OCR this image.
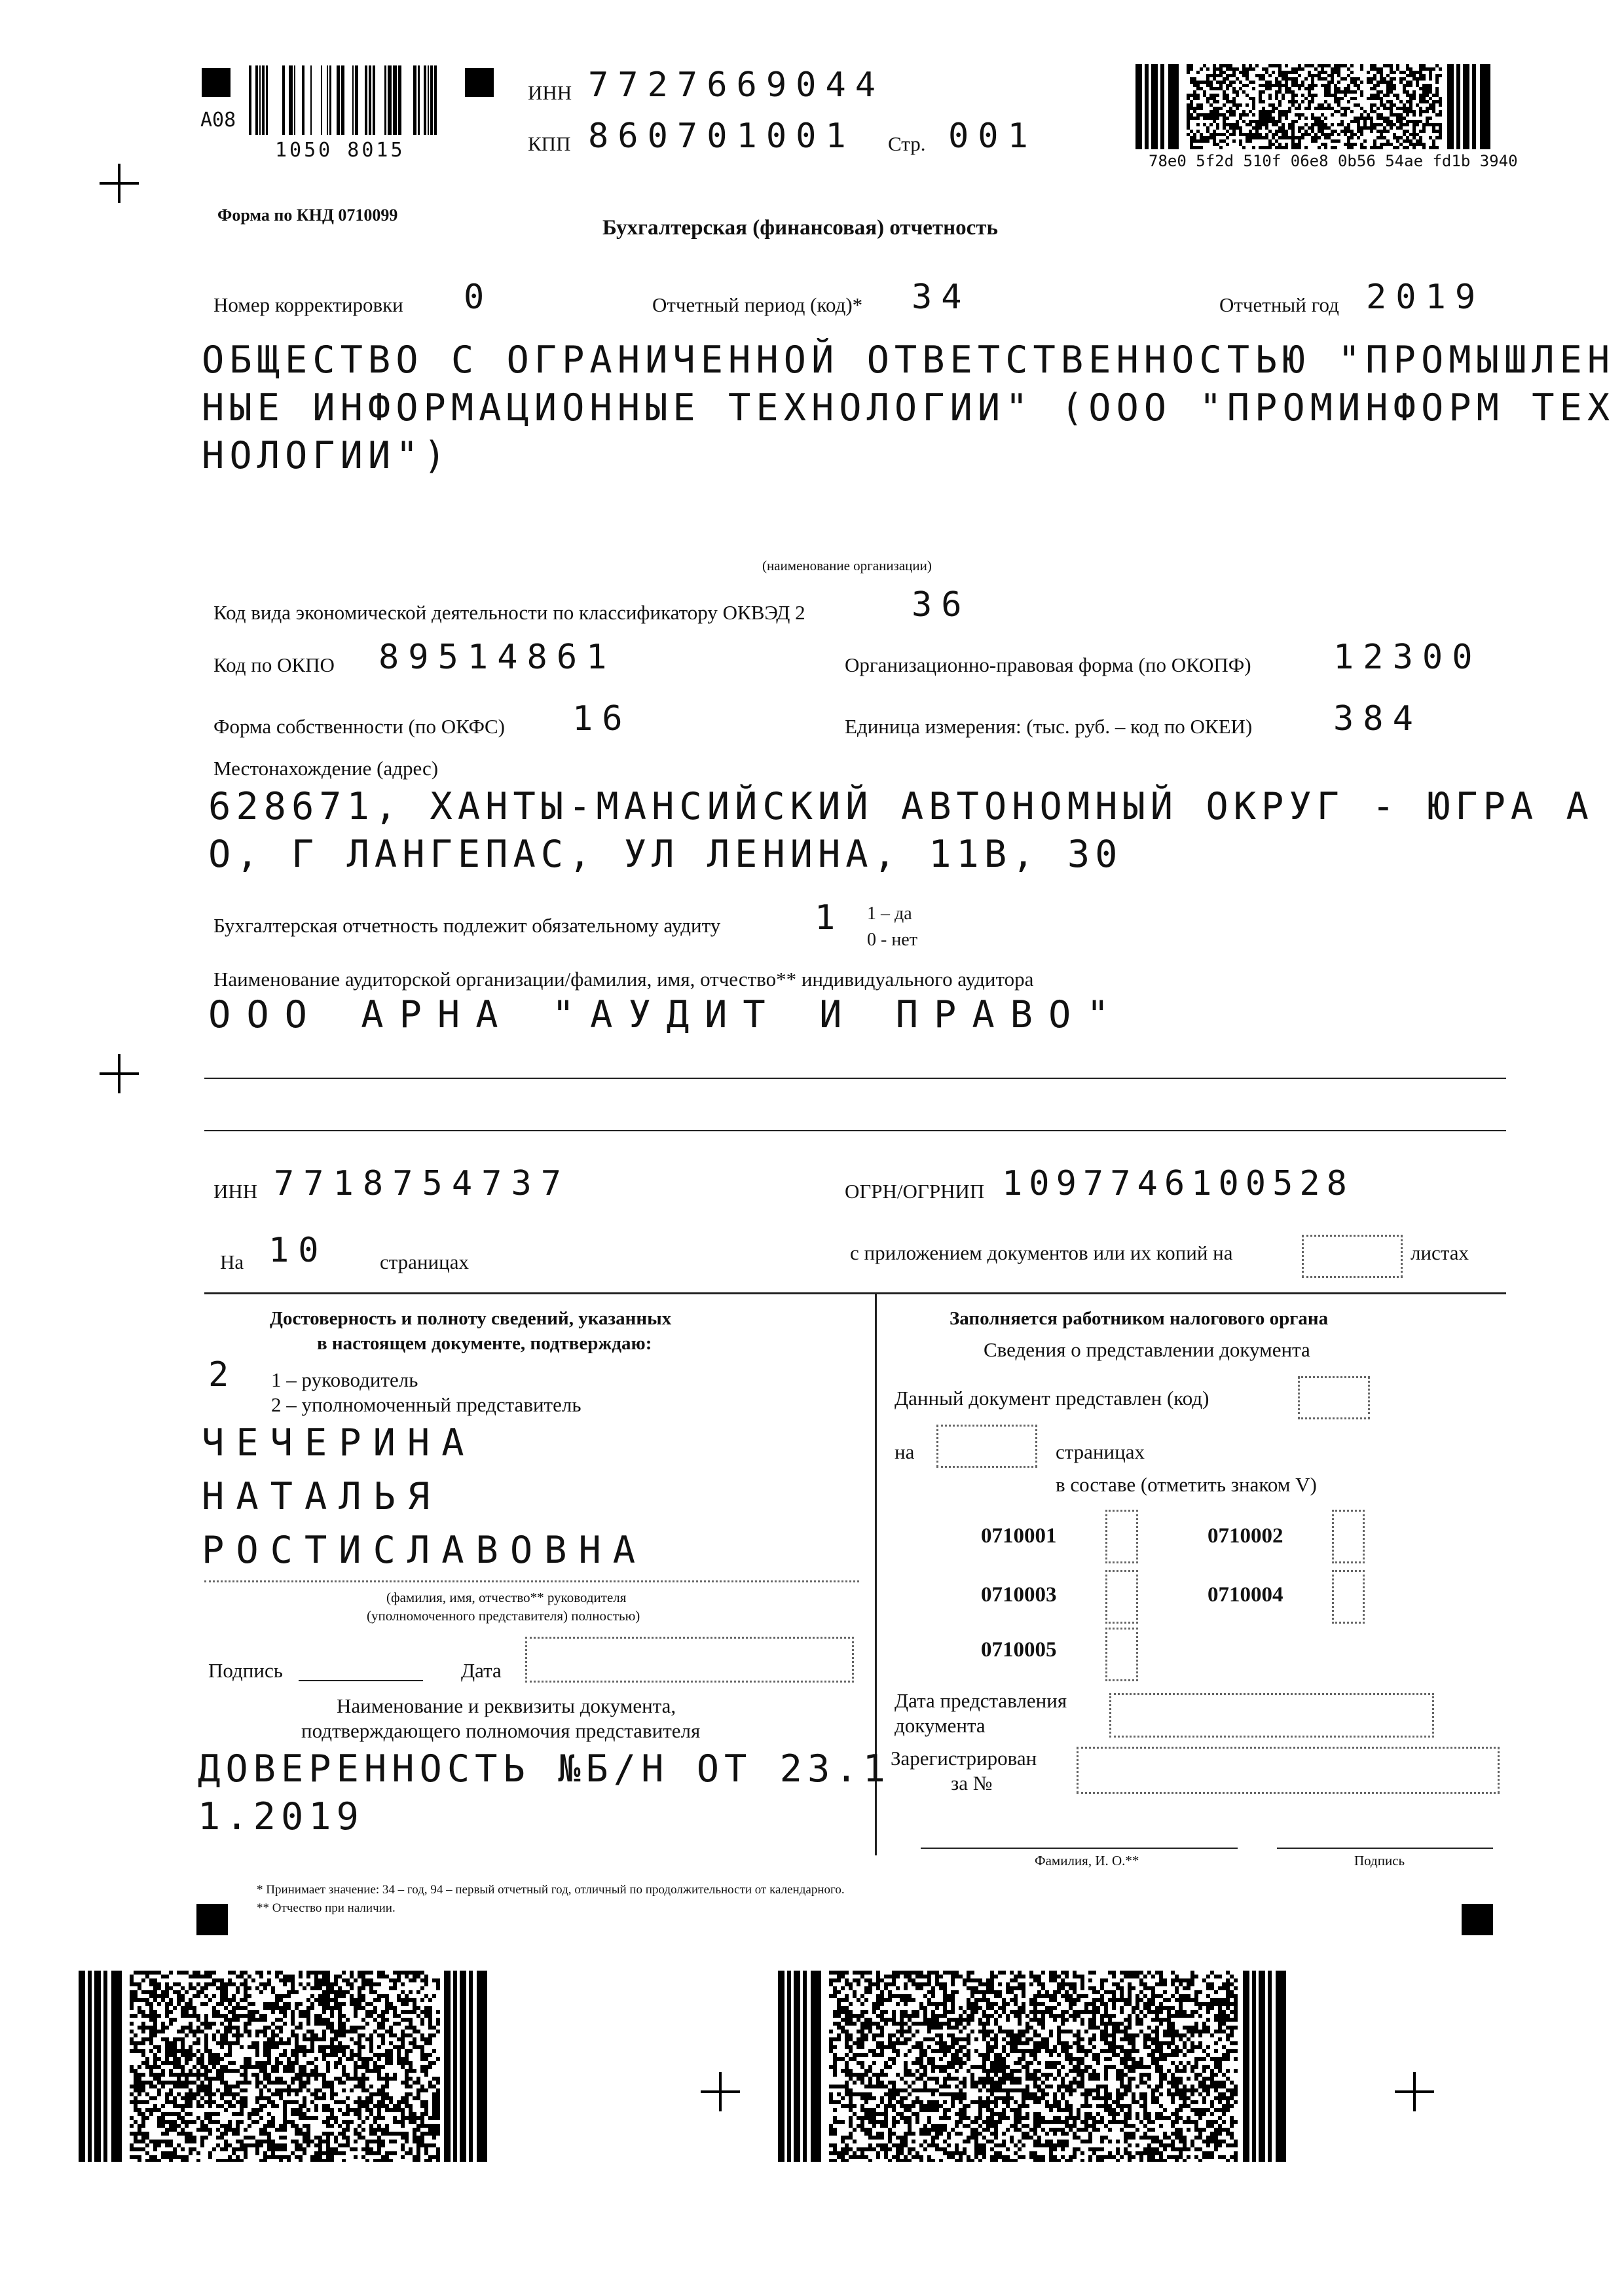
A08
1050 8015
ИНН 7727669044
КПП 860701001 Стр. 001
78e0 5f2d 510f 06e8 0b56 54ae fd1b 3940
Форма по КНД 0710099
Бухгалтерская (финансовая) отчетность
Номер корректировки 0	Отчетный период (код)* 34	Отчетный год 2019
ОБЩЕСТВО С ОГРАНИЧЕННОЙ ОТВЕТСТВЕННОСТЬЮ "ПРОМЫШЛЕН
НЫЕ ИНФОРМАЦИОННЫЕ ТЕХНОЛОГИИ" (ООО "ПРОМИНФОРМ ТЕХ
НОЛОГИИ")
(наименование организации)
Код вида экономической деятельности по классификатору ОКВЭД 2	36
Код по ОКПО 89514861	Организационно-правовая форма (по ОКОПФ) 12300
Форма собственности (по ОКФС) 16	Единица измерения: (тыс. руб. – код по ОКЕИ) 384
Местонахождение (адрес)
628671, ХАНТЫ-МАНСИЙСКИЙ АВТОНОМНЫЙ ОКРУГ - ЮГРА А
О, Г ЛАНГЕПАС, УЛ ЛЕНИНА, 11В, 30
Бухгалтерская отчетность подлежит обязательному аудиту	1 1 – да
0 - нет
Наименование аудиторской организации/фамилия, имя, отчество** индивидуального аудитора
ООО АРНА "АУДИТ И ПРАВО"
ИНН 7718754737	ОГРН/ОГРНИП 1097746100528
На 10	страницах	с приложением документов или их копий на	листах
Достоверность и полноту сведений, указанных
в настоящем документе, подтверждаю:
2 1 – руководитель
2 – уполномоченный представитель
ЧЕЧЕРИНА
НАТАЛЬЯ
РОСТИСЛАВОВНА
(фамилия, имя, отчество** руководителя
(уполномоченного представителя) полностью)
Подпись	Дата
Наименование и реквизиты документа,
подтверждающего полномочия представителя
ДОВЕРЕННОСТЬ №Б/Н ОТ 23.1
1.2019
Заполняется работником налогового органа
Сведения о представлении документа
Данный документ представлен (код)
на	страницах
в составе (отметить знаком V)
0710001	0710002
0710003	0710004
0710005
Дата представления
документа
Зарегистрирован
за №
Фамилия, И. О.**	Подпись
* Принимает значение: 34 – год, 94 – первый отчетный год, отличный по продолжительности от календарного.
** Отчество при наличии.
